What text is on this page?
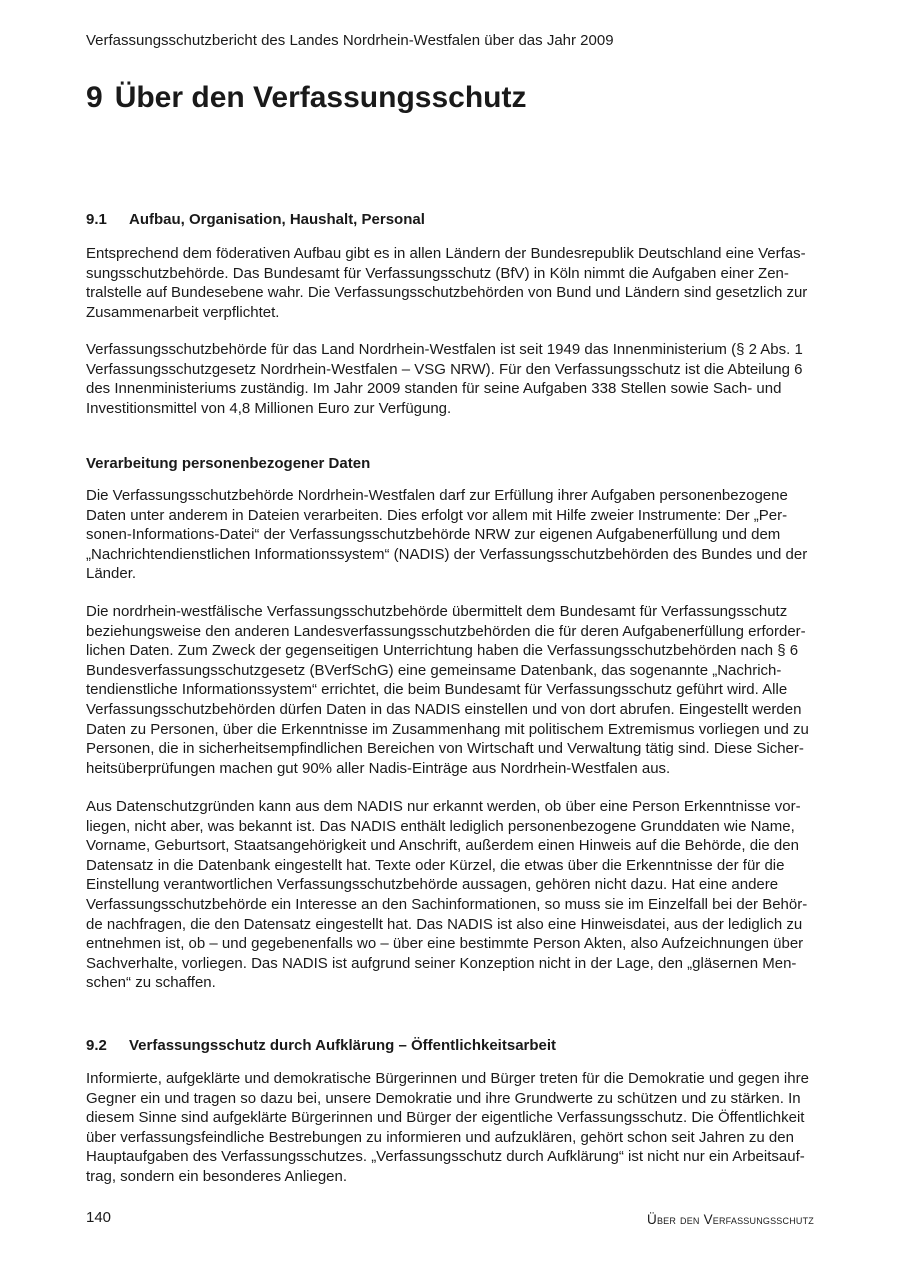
Verfassungsschutzbericht des Landes Nordrhein-Westfalen über das Jahr 2009
9 Über den Verfassungsschutz
9.1 Aufbau, Organisation, Haushalt, Personal

Entsprechend dem föderativen Aufbau gibt es in allen Ländern der Bundesrepublik Deutschland eine Verfas-sungsschutzbehörde. Das Bundesamt für Verfassungsschutz (BfV) in Köln nimmt die Aufgaben einer Zen-tralstelle auf Bundesebene wahr. Die Verfassungsschutzbehörden von Bund und Ländern sind gesetzlich zur Zusammenarbeit verpflichtet.

Verfassungsschutzbehörde für das Land Nordrhein-Westfalen ist seit 1949 das Innenministerium (§ 2 Abs. 1 Verfassungsschutzgesetz Nordrhein-Westfalen – VSG NRW). Für den Verfassungsschutz ist die Abteilung 6 des Innenministeriums zuständig. Im Jahr 2009 standen für seine Aufgaben 338 Stellen sowie Sach- und Investitionsmittel von 4,8 Millionen Euro zur Verfügung.

Verarbeitung personenbezogener Daten

Die Verfassungsschutzbehörde Nordrhein-Westfalen darf zur Erfüllung ihrer Aufgaben personenbezogene Daten unter anderem in Dateien verarbeiten. Dies erfolgt vor allem mit Hilfe zweier Instrumente: Der „Per-sonen-Informations-Datei“ der Verfassungsschutzbehörde NRW zur eigenen Aufgabenerfüllung und dem „Nachrichtendienstlichen Informationssystem“ (NADIS) der Verfassungsschutzbehörden des Bundes und der Länder.

Die nordrhein-westfälische Verfassungsschutzbehörde übermittelt dem Bundesamt für Verfassungsschutz beziehungsweise den anderen Landesverfassungsschutzbehörden die für deren Aufgabenerfüllung erforder-lichen Daten. Zum Zweck der gegenseitigen Unterrichtung haben die Verfassungsschutzbehörden nach § 6 Bundesverfassungsschutzgesetz (BVerfSchG) eine gemeinsame Datenbank, das sogenannte „Nachrich-tendienstliche Informationssystem“ errichtet, die beim Bundesamt für Verfassungsschutz geführt wird. Alle Verfassungsschutzbehörden dürfen Daten in das NADIS einstellen und von dort abrufen. Eingestellt werden Daten zu Personen, über die Erkenntnisse im Zusammenhang mit politischem Extremismus vorliegen und zu Personen, die in sicherheitsempfindlichen Bereichen von Wirtschaft und Verwaltung tätig sind. Diese Sicher-heitsüberprüfungen machen gut 90% aller Nadis-Einträge aus Nordrhein-Westfalen aus.

Aus Datenschutzgründen kann aus dem NADIS nur erkannt werden, ob über eine Person Erkenntnisse vor-liegen, nicht aber, was bekannt ist. Das NADIS enthält lediglich personenbezogene Grunddaten wie Name, Vorname, Geburtsort, Staatsangehörigkeit und Anschrift, außerdem einen Hinweis auf die Behörde, die den Datensatz in die Datenbank eingestellt hat. Texte oder Kürzel, die etwas über die Erkenntnisse der für die Einstellung verantwortlichen Verfassungsschutzbehörde aussagen, gehören nicht dazu. Hat eine andere Verfassungsschutzbehörde ein Interesse an den Sachinformationen, so muss sie im Einzelfall bei der Behör-de nachfragen, die den Datensatz eingestellt hat. Das NADIS ist also eine Hinweisdatei, aus der lediglich zu entnehmen ist, ob – und gegebenenfalls wo – über eine bestimmte Person Akten, also Aufzeichnungen über Sachverhalte, vorliegen. Das NADIS ist aufgrund seiner Konzeption nicht in der Lage, den „gläsernen Men-schen“ zu schaffen.

9.2 Verfassungsschutz durch Aufklärung – Öffentlichkeitsarbeit

Informierte, aufgeklärte und demokratische Bürgerinnen und Bürger treten für die Demokratie und gegen ihre Gegner ein und tragen so dazu bei, unsere Demokratie und ihre Grundwerte zu schützen und zu stärken. In diesem Sinne sind aufgeklärte Bürgerinnen und Bürger der eigentliche Verfassungsschutz. Die Öffentlichkeit über verfassungsfeindliche Bestrebungen zu informieren und aufzuklären, gehört schon seit Jahren zu den Hauptaufgaben des Verfassungsschutzes. „Verfassungsschutz durch Aufklärung“ ist nicht nur ein Arbeitsauf-trag, sondern ein besonderes Anliegen.

140	Über den Verfassungsschutz
